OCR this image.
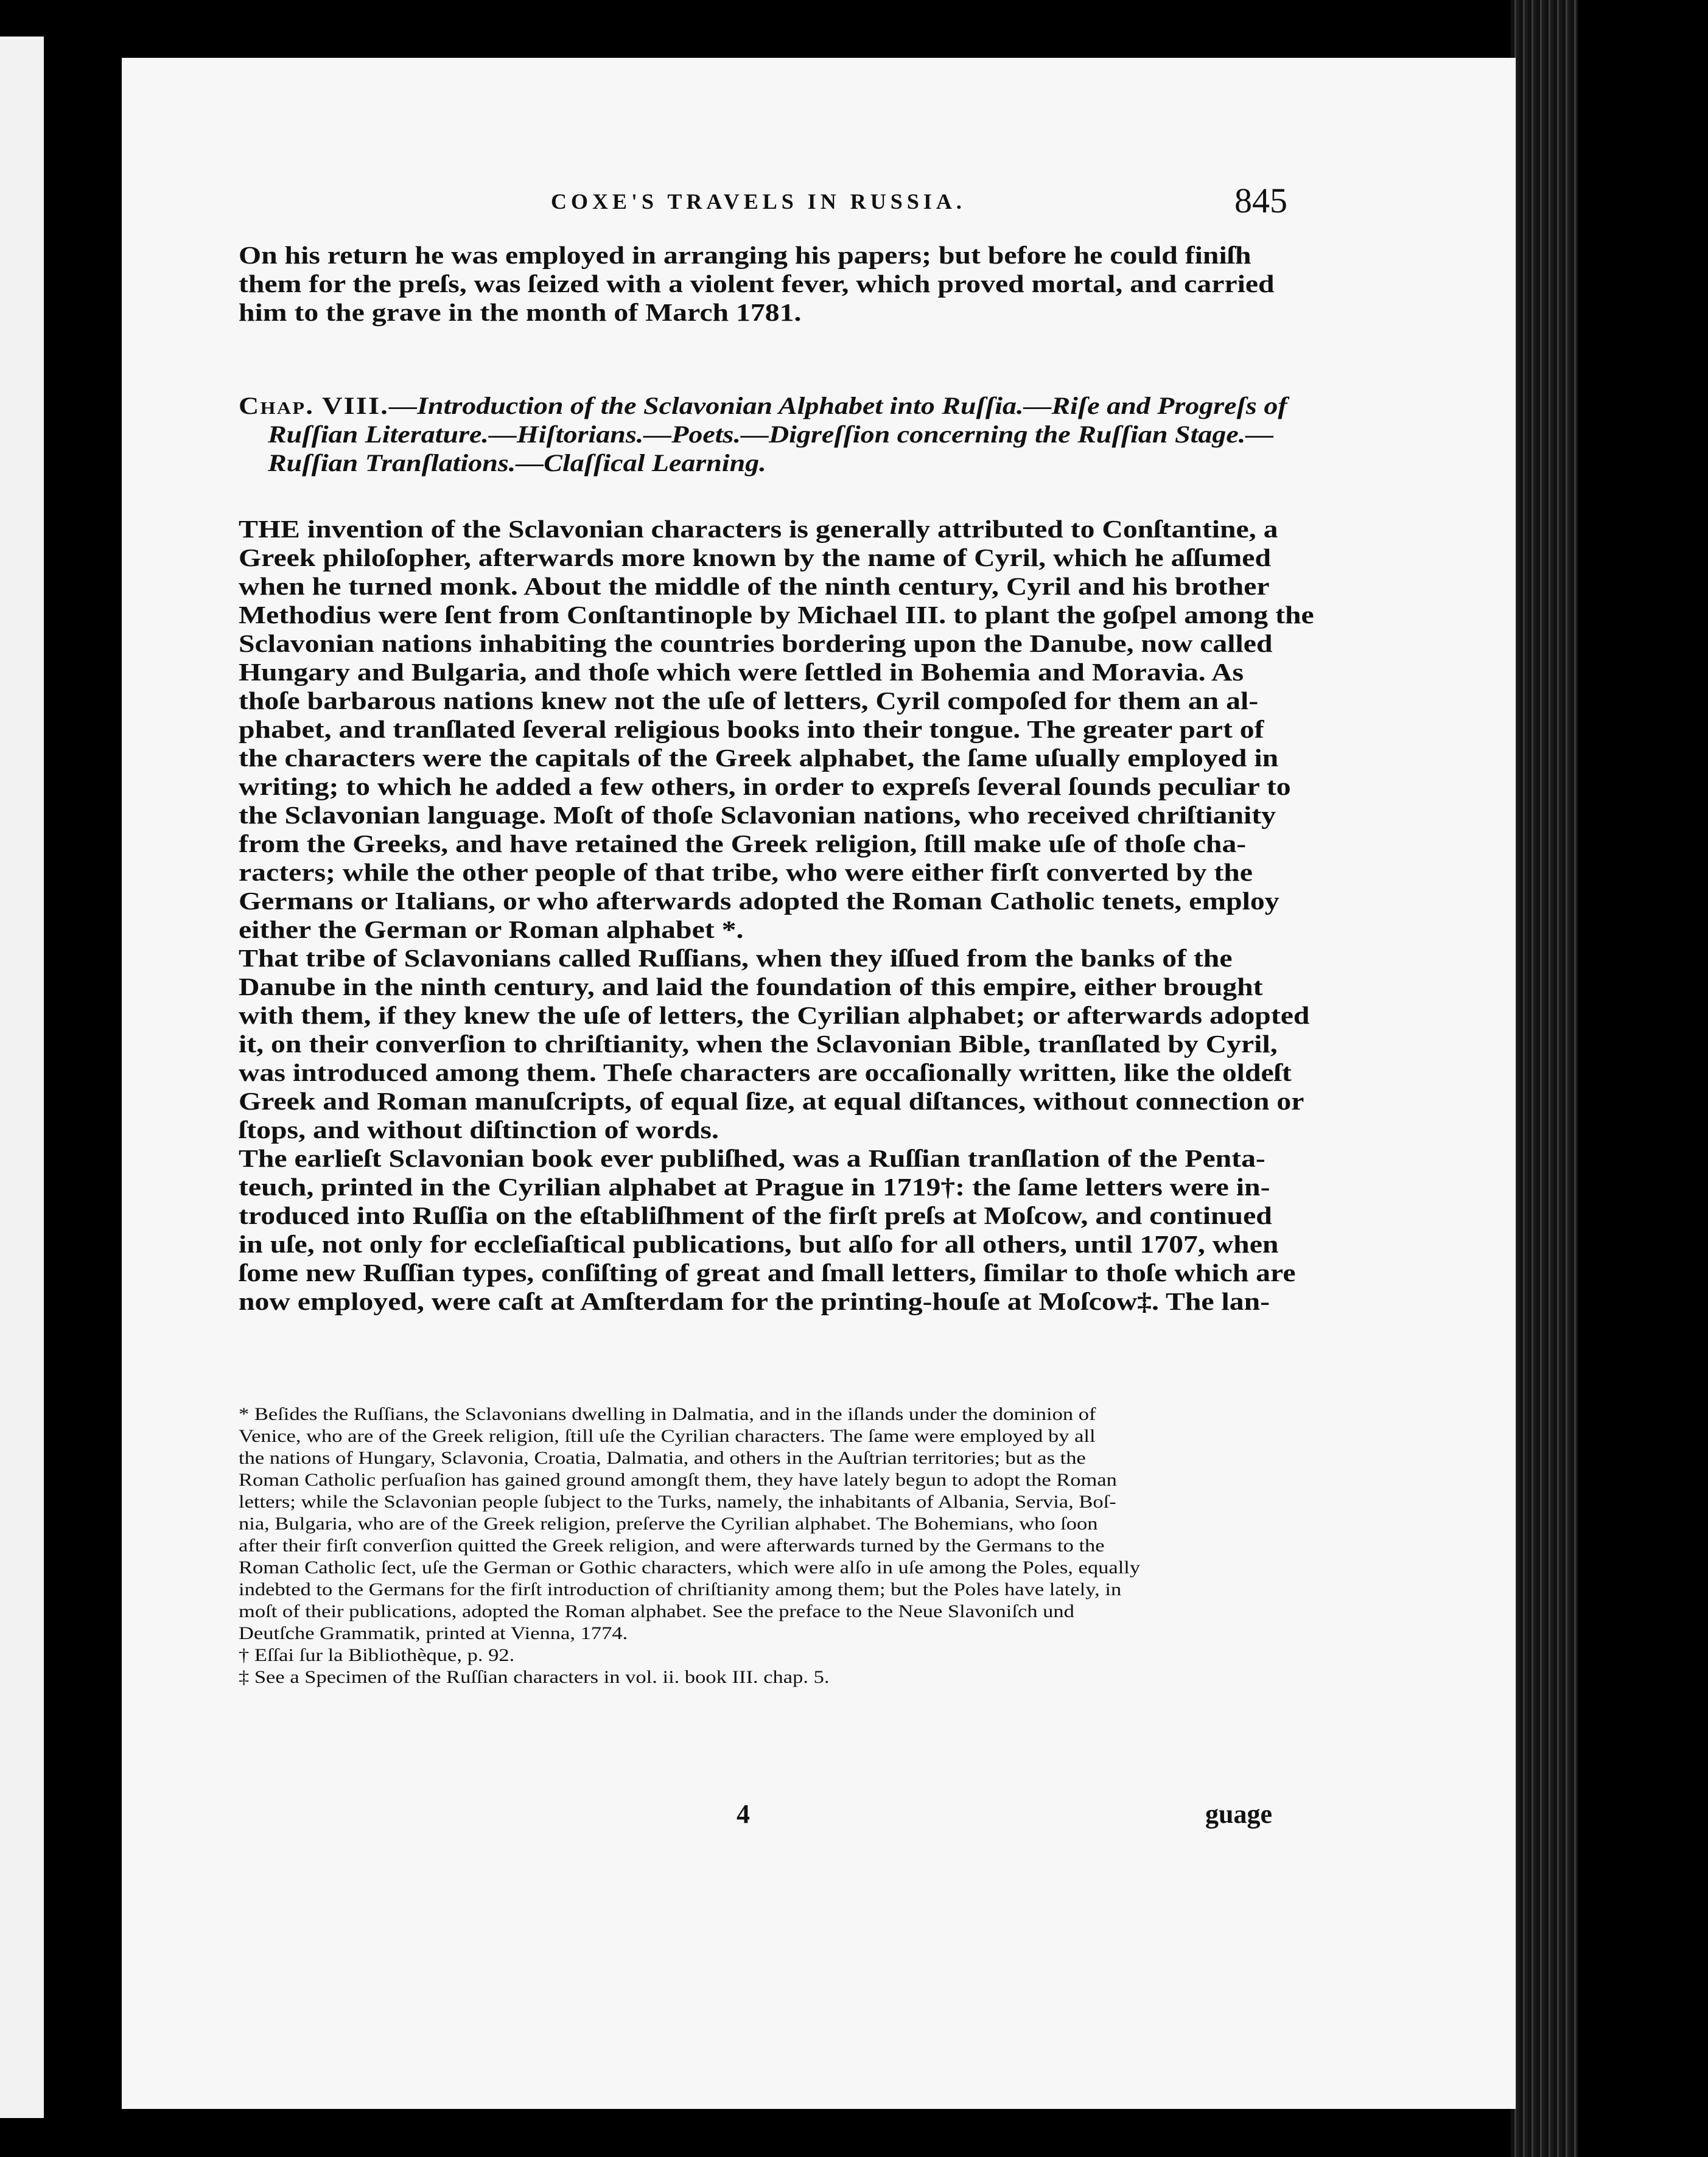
COXE'S TRAVELS IN RUSSIA.	845
On his return he was employed in arranging his papers; but before he could finiſh
them for the preſs, was ſeized with a violent fever, which proved mortal, and carried
him to the grave in the month of March 1781.
Chap. VIII.—Introduction of the Sclavonian Alphabet into Ruſſia.—Riſe and Progreſs of
Ruſſian Literature.—Hiſtorians.—Poets.—Digreſſion concerning the Ruſſian Stage.—
Ruſſian Tranſlations.—Claſſical Learning.
THE invention of the Sclavonian characters is generally attributed to Conſtantine, a
Greek philoſopher, afterwards more known by the name of Cyril, which he aſſumed
when he turned monk. About the middle of the ninth century, Cyril and his brother
Methodius were ſent from Conſtantinople by Michael III. to plant the goſpel among the
Sclavonian nations inhabiting the countries bordering upon the Danube, now called
Hungary and Bulgaria, and thoſe which were ſettled in Bohemia and Moravia. As
thoſe barbarous nations knew not the uſe of letters, Cyril compoſed for them an al-
phabet, and tranſlated ſeveral religious books into their tongue. The greater part of
the characters were the capitals of the Greek alphabet, the ſame uſually employed in
writing; to which he added a few others, in order to expreſs ſeveral ſounds peculiar to
the Sclavonian language. Moſt of thoſe Sclavonian nations, who received chriſtianity
from the Greeks, and have retained the Greek religion, ſtill make uſe of thoſe cha-
racters; while the other people of that tribe, who were either firſt converted by the
Germans or Italians, or who afterwards adopted the Roman Catholic tenets, employ
either the German or Roman alphabet *.
That tribe of Sclavonians called Ruſſians, when they iſſued from the banks of the
Danube in the ninth century, and laid the foundation of this empire, either brought
with them, if they knew the uſe of letters, the Cyrilian alphabet; or afterwards adopted
it, on their converſion to chriſtianity, when the Sclavonian Bible, tranſlated by Cyril,
was introduced among them. Theſe characters are occaſionally written, like the oldeſt
Greek and Roman manuſcripts, of equal ſize, at equal diſtances, without connection or
ſtops, and without diſtinction of words.
The earlieſt Sclavonian book ever publiſhed, was a Ruſſian tranſlation of the Penta-
teuch, printed in the Cyrilian alphabet at Prague in 1719†: the ſame letters were in-
troduced into Ruſſia on the eſtabliſhment of the firſt preſs at Moſcow, and continued
in uſe, not only for eccleſiaſtical publications, but alſo for all others, until 1707, when
ſome new Ruſſian types, conſiſting of great and ſmall letters, ſimilar to thoſe which are
now employed, were caſt at Amſterdam for the printing-houſe at Moſcow‡. The lan-
* Beſides the Ruſſians, the Sclavonians dwelling in Dalmatia, and in the iſlands under the dominion of
Venice, who are of the Greek religion, ſtill uſe the Cyrilian characters. The ſame were employed by all
the nations of Hungary, Sclavonia, Croatia, Dalmatia, and others in the Auſtrian territories; but as the
Roman Catholic perſuaſion has gained ground amongſt them, they have lately begun to adopt the Roman
letters; while the Sclavonian people ſubject to the Turks, namely, the inhabitants of Albania, Servia, Boſ-
nia, Bulgaria, who are of the Greek religion, preſerve the Cyrilian alphabet. The Bohemians, who ſoon
after their firſt converſion quitted the Greek religion, and were afterwards turned by the Germans to the
Roman Catholic ſect, uſe the German or Gothic characters, which were alſo in uſe among the Poles, equally
indebted to the Germans for the firſt introduction of chriſtianity among them; but the Poles have lately, in
moſt of their publications, adopted the Roman alphabet. See the preface to the Neue Slavoniſch und
Deutſche Grammatik, printed at Vienna, 1774.
† Eſſai ſur la Bibliothèque, p. 92.
‡ See a Specimen of the Ruſſian characters in vol. ii. book III. chap. 5.
4	guage
